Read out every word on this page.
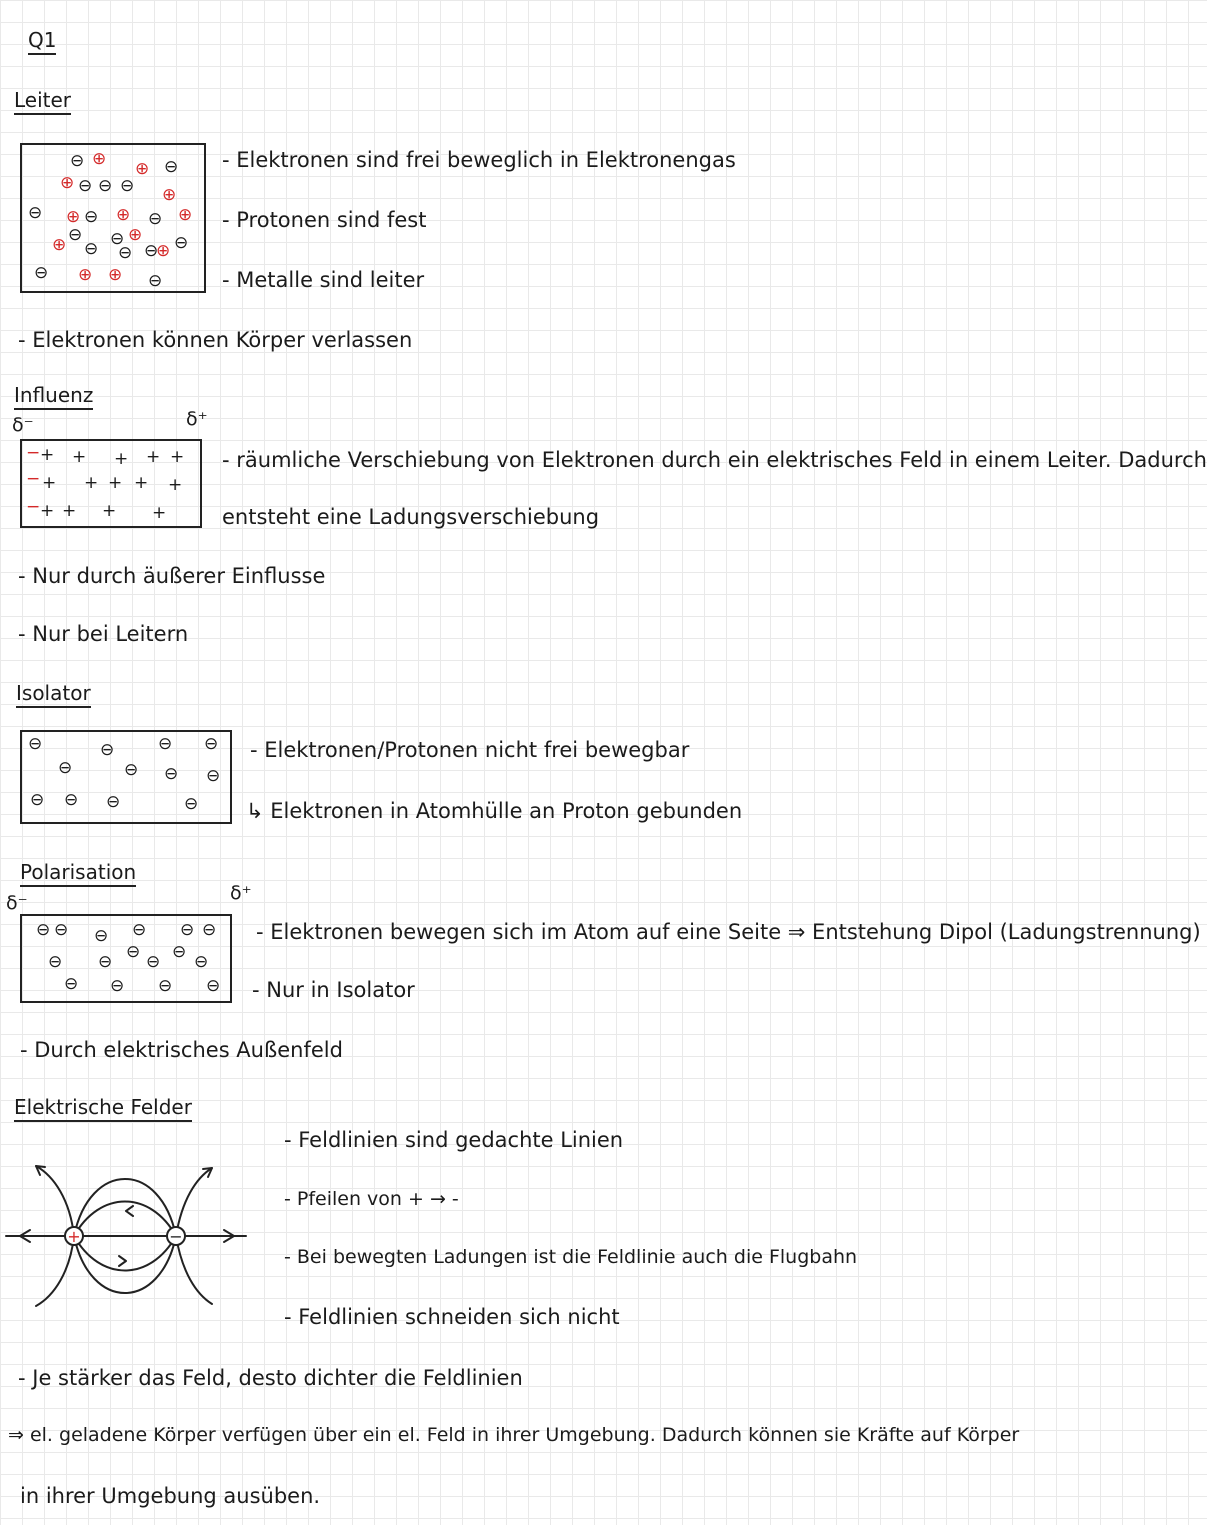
Q1
Leiter
⊖ ⊕ ⊕ ⊖
⊕ ⊖ ⊖ ⊖ ⊕
⊖ ⊕ ⊖ ⊕ ⊖ ⊕
⊖
⊕ ⊖ ⊖ ⊕
⊖ ⊖
⊕ ⊖
⊖ ⊕ ⊕ ⊖
- Elektronen sind frei beweglich in Elektronengas
- Protonen sind fest
- Metalle sind leiter
- Elektronen können Körper verlassen
Influenz
δ⁻	δ⁺
−
−
−
+ + + + +
+ + + + +
+ + + +
- räumliche Verschiebung von Elektronen durch ein elektrisches Feld in einem Leiter. Dadurch
entsteht eine Ladungsverschiebung
- Nur durch äußerer Einflusse
- Nur bei Leitern
Isolator
⊖	⊖	⊖ ⊖
⊖	⊖ ⊖ ⊖
⊖ ⊖ ⊖	⊖
- Elektronen/Protonen nicht frei bewegbar
↳ Elektronen in Atomhülle an Proton gebunden
Polarisation
δ⁻	δ⁺
⊖ ⊖ ⊖ ⊖ ⊖ ⊖
⊖ ⊖
⊖ ⊖ ⊖ ⊖
⊖ ⊖ ⊖ ⊖
- Elektronen bewegen sich im Atom auf eine Seite ⇒ Entstehung Dipol (Ladungstrennung)
- Nur in Isolator
- Durch elektrisches Außenfeld
Elektrische Felder
+	−
- Feldlinien sind gedachte Linien
- Pfeilen von + → -
- Bei bewegten Ladungen ist die Feldlinie auch die Flugbahn
- Feldlinien schneiden sich nicht
- Je stärker das Feld, desto dichter die Feldlinien
⇒ el. geladene Körper verfügen über ein el. Feld in ihrer Umgebung. Dadurch können sie Kräfte auf Körper
in ihrer Umgebung ausüben.
